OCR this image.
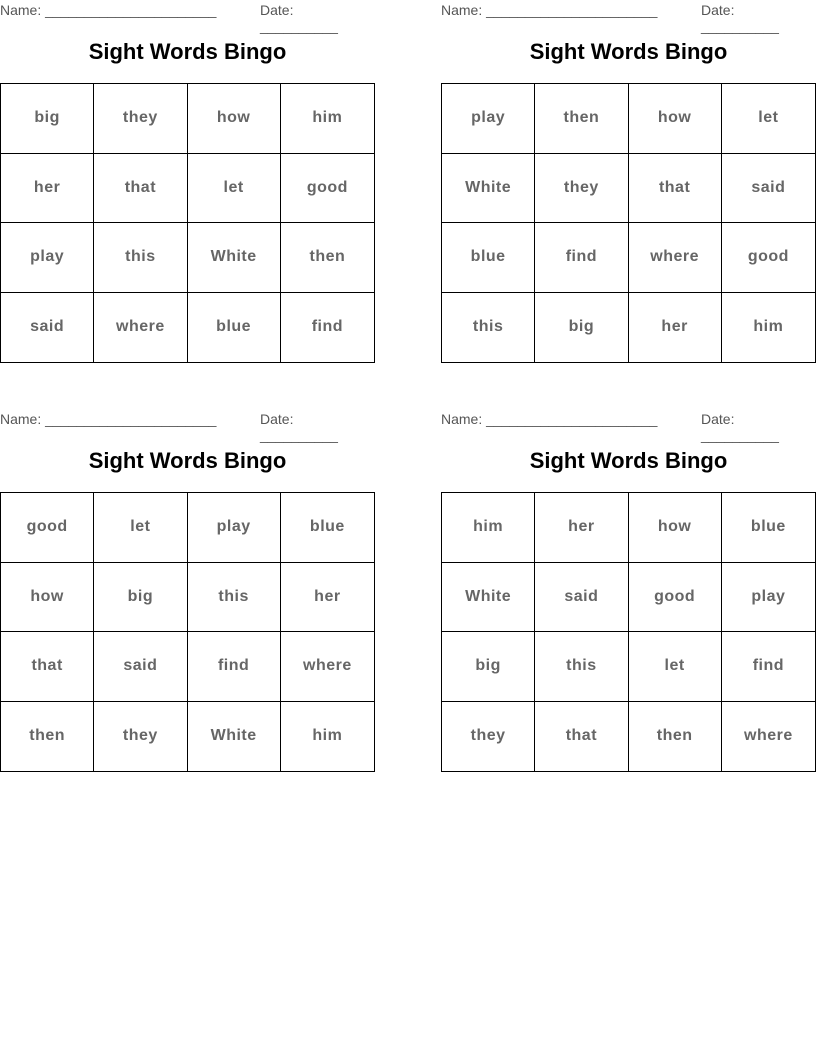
Name: ______________________	Date: __________
Sight Words Bingo
big	they	how	him
her	that	let	good
play	this	White	then
said	where	blue	find
Name: ______________________	Date: __________
Sight Words Bingo
play	then	how	let
White	they	that	said
blue	find	where	good
this	big	her	him
Name: ______________________	Date: __________
Sight Words Bingo
good	let	play	blue
how	big	this	her
that	said	find	where
then	they	White	him
Name: ______________________	Date: __________
Sight Words Bingo
him	her	how	blue
White	said	good	play
big	this	let	find
they	that	then	where
